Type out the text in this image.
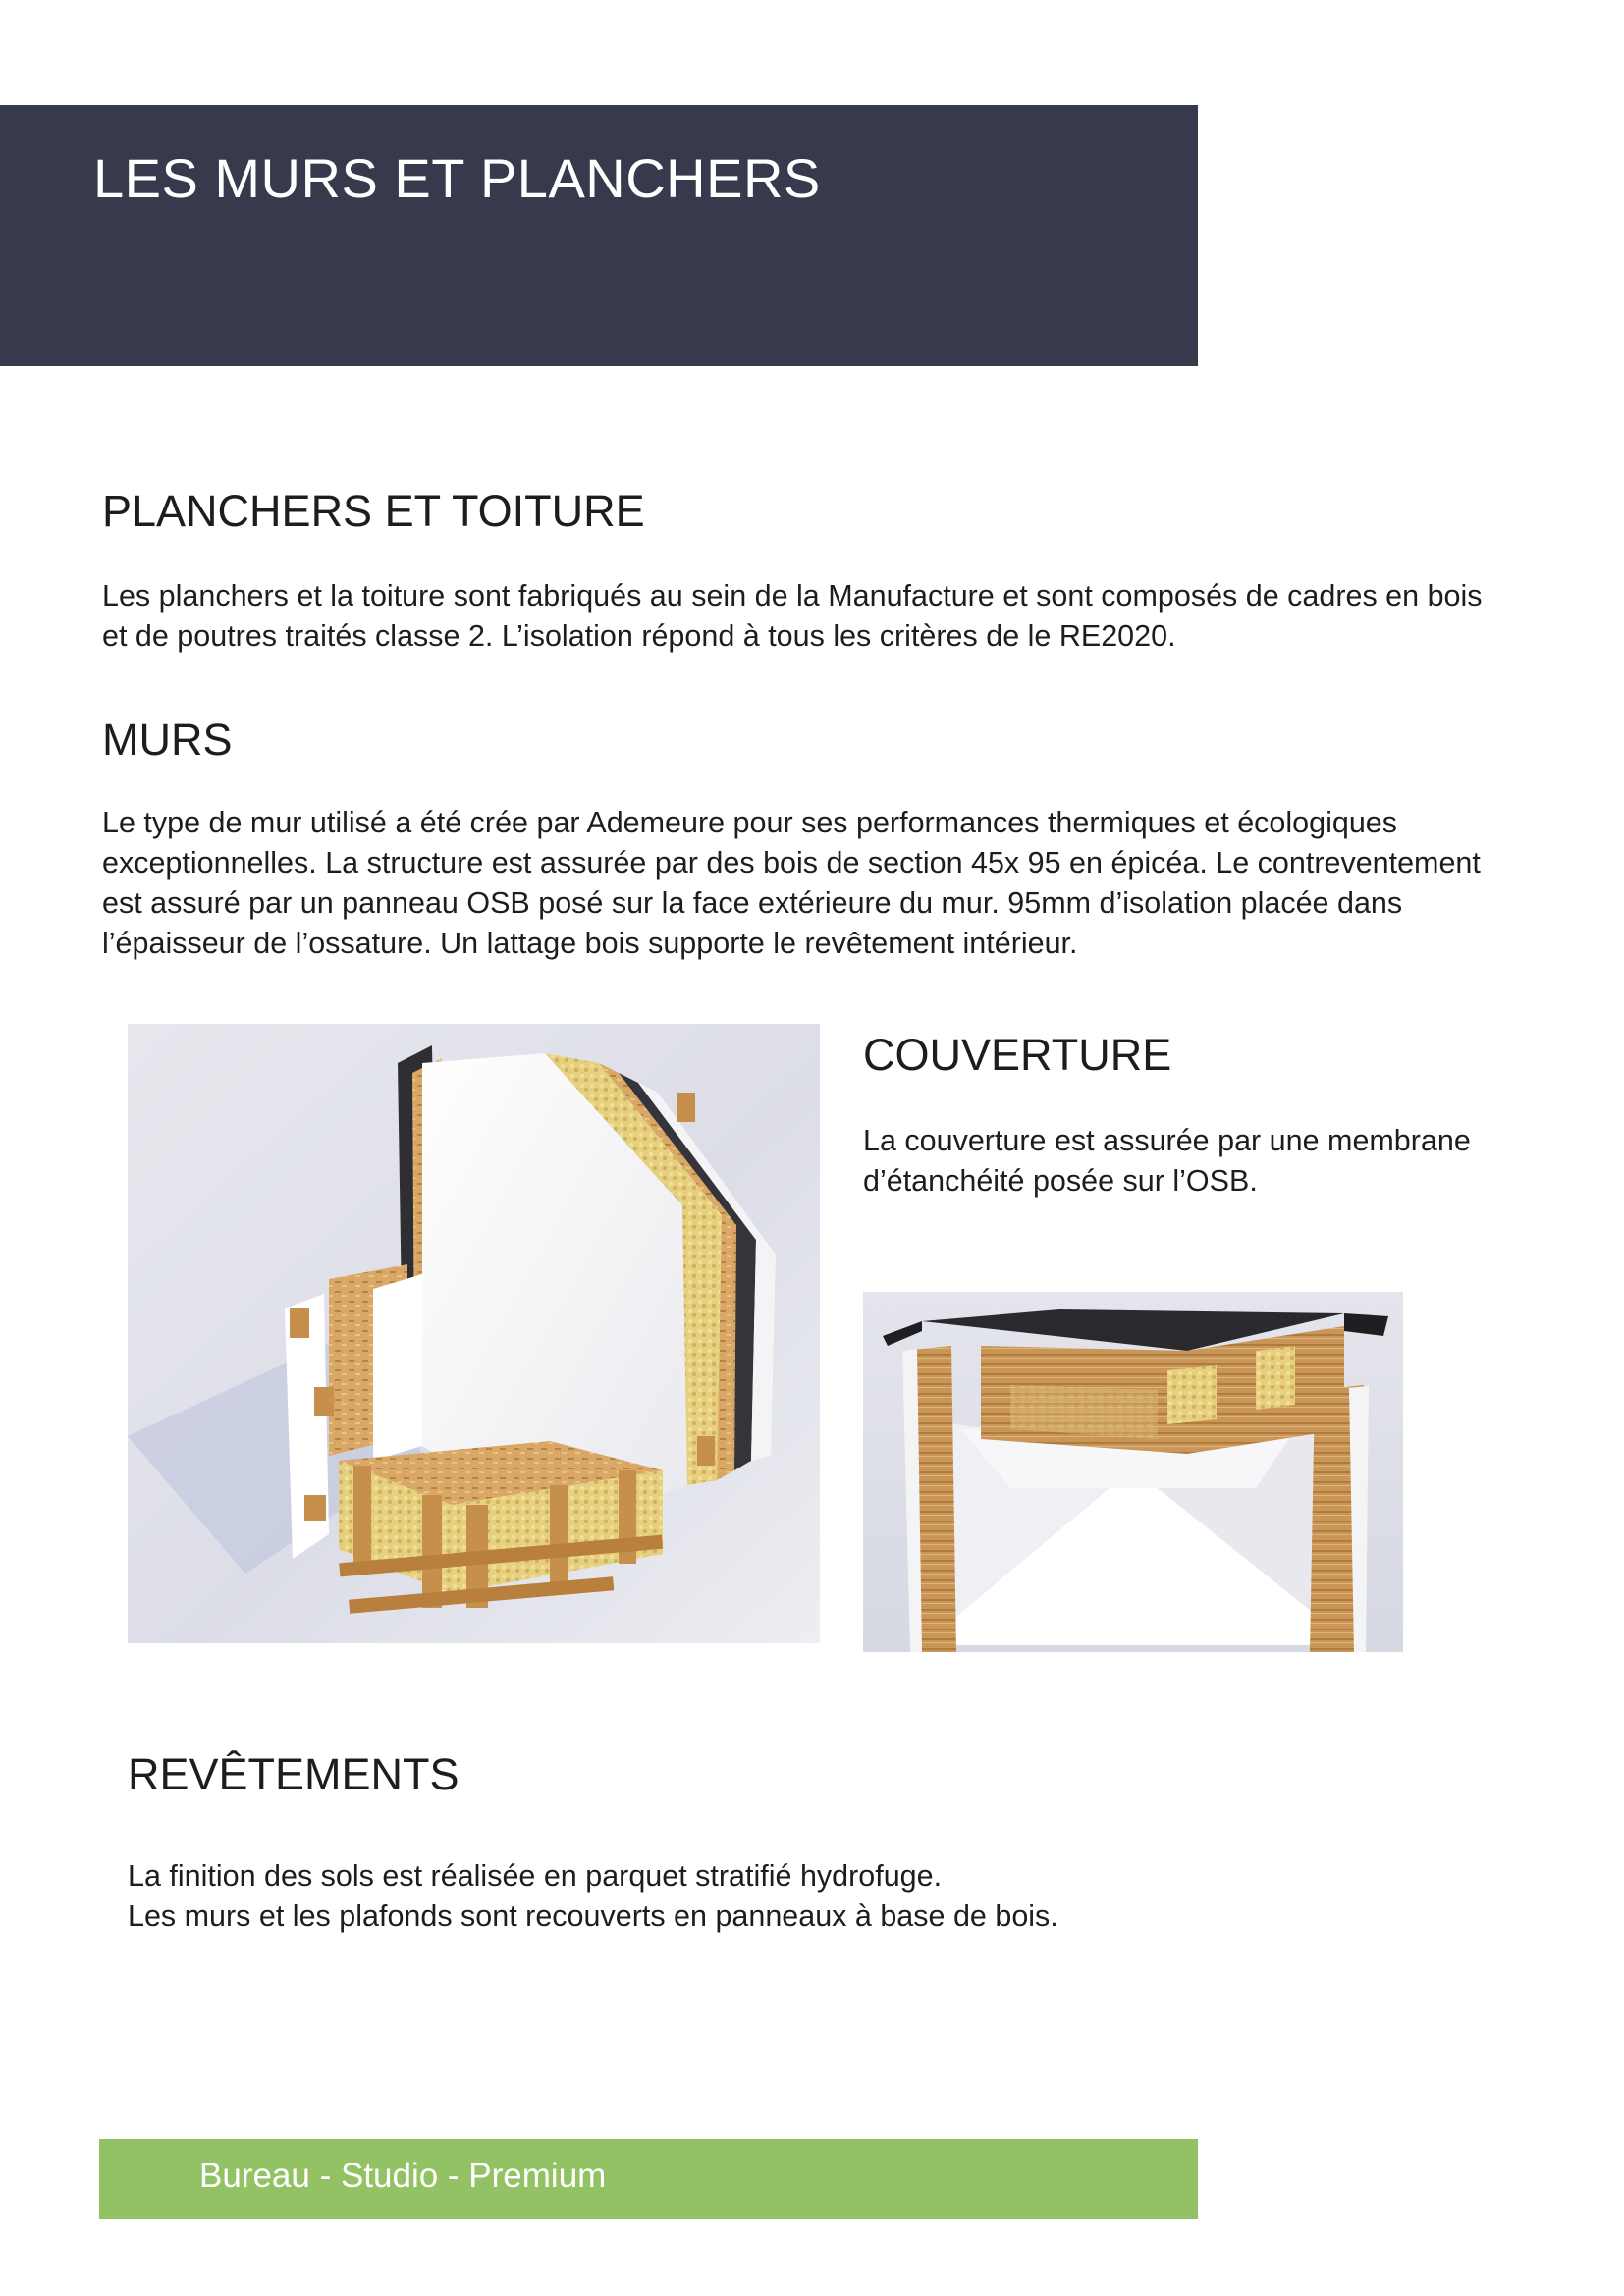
LES MURS ET PLANCHERS
PLANCHERS ET TOITURE

Les planchers et la toiture sont fabriqués au sein de la Manufacture et sont composés de cadres en bois et de poutres traités classe 2. L’isolation répond à tous les critères de le RE2020.

MURS

Le type de mur utilisé a été crée par Ademeure pour ses performances thermiques et écologiques exceptionnelles. La structure est assurée par des bois de section 45x 95 en épicéa. Le contreventement est assuré par un panneau OSB posé sur la face extérieure du mur. 95mm d’isolation placée dans l’épaisseur de l’ossature. Un lattage bois supporte le revêtement intérieur.

COUVERTURE

La couverture est assurée par une membrane d’étanchéité posée sur l’OSB.

REVÊTEMENTS

La finition des sols est réalisée en parquet stratifié hydrofuge.

Les murs et les plafonds sont recouverts en panneaux à base de bois.

Bureau - Studio - Premium
